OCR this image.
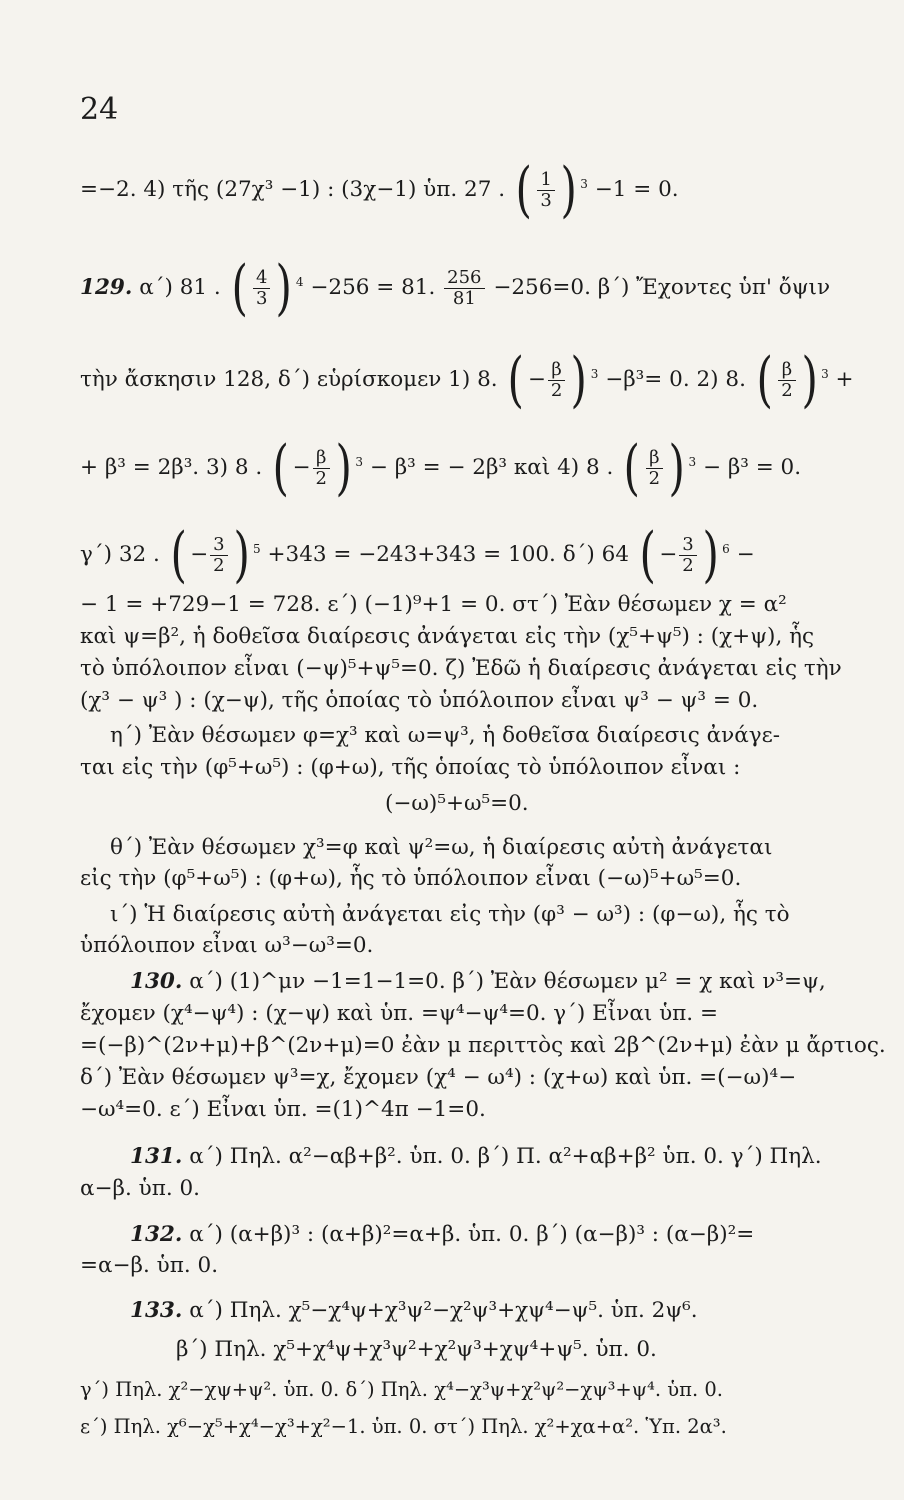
24
=−2. 4) τῆς (27χ³ −1) : (3χ−1) ὑπ. 27 . ( $\frac{1}{3}$ ) $^3$ −1 = 0.
129. α΄) 81 . ( $\frac{4}{3}$ ) $^4$ −256 = 81. $\frac{256}{81} -256=0$. β΄) Ἔχοντες ὑπ' ὄψιν
τὴν ἄσκησιν 128, δ΄) εὑρίσκομεν 1) 8. ( − $\frac{\beta}{2}$ ) $^3$ −β³= 0. 2) 8. ( $\frac{\beta}{2}$ ) $^3$ +
+ β³ = 2β³. 3) 8 . ( − $\frac{\beta}{2}$ ) $^3$ − β³ = − 2β³ καὶ 4) 8 . ( $\frac{\beta}{2}$ ) $^3$ − β³ = 0.
γ΄) 32 . ( − $\frac{3}{2}$ ) $^5$ +343 = −243+343 = 100. δ΄) 64 ( − $\frac{3}{2}$ ) $^6$ −
− 1 = +729−1 = 728. ε΄) (−1)⁹+1 = 0. στ΄) Ἐὰν θέσωμεν χ = α²
καὶ ψ=β², ἡ δοθεῖσα διαίρεσις ἀνάγεται εἰς τὴν (χ⁵+ψ⁵) : (χ+ψ), ἧς
τὸ ὑπόλοιπον εἶναι (−ψ)⁵+ψ⁵=0. ζ) Ἐδῶ ἡ διαίρεσις ἀνάγεται εἰς τὴν
(χ³ − ψ³ ) : (χ−ψ), τῆς ὁποίας τὸ ὑπόλοιπον εἶναι ψ³ − ψ³ = 0.
η΄) Ἐὰν θέσωμεν φ=χ³ καὶ ω=ψ³, ἡ δοθεῖσα διαίρεσις ἀνάγε-
ται εἰς τὴν (φ⁵+ω⁵) : (φ+ω), τῆς ὁποίας τὸ ὑπόλοιπον εἶναι :
(−ω)⁵+ω⁵=0.
θ΄) Ἐὰν θέσωμεν χ³=φ καὶ ψ²=ω, ἡ διαίρεσις αὐτὴ ἀνάγεται
εἰς τὴν (φ⁵+ω⁵) : (φ+ω), ἧς τὸ ὑπόλοιπον εἶναι (−ω)⁵+ω⁵=0.
ι΄) Ἡ διαίρεσις αὐτὴ ἀνάγεται εἰς τὴν (φ³ − ω³) : (φ−ω), ἧς τὸ
ὑπόλοιπον εἶναι ω³−ω³=0.
130. α΄) (1)^μν −1=1−1=0. β΄) Ἐὰν θέσωμεν μ² = χ καὶ ν³=ψ,
ἔχομεν (χ⁴−ψ⁴) : (χ−ψ) καὶ ὑπ. =ψ⁴−ψ⁴=0. γ΄) Εἶναι ὑπ. =
=(−β)^(2ν+μ)+β^(2ν+μ)=0 ἐὰν μ περιττὸς καὶ 2β^(2ν+μ) ἐὰν μ ἄρτιος.
δ΄) Ἐὰν θέσωμεν ψ³=χ, ἔχομεν (χ⁴ − ω⁴) : (χ+ω) καὶ ὑπ. =(−ω)⁴−
−ω⁴=0. ε΄) Εἶναι ὑπ. =(1)^4π −1=0.
131. α΄) Πηλ. α²−αβ+β². ὑπ. 0. β΄) Π. α²+αβ+β² ὑπ. 0. γ΄) Πηλ.
α−β. ὑπ. 0.
132. α΄) (α+β)³ : (α+β)²=α+β. ὑπ. 0. β΄) (α−β)³ : (α−β)²=
=α−β. ὑπ. 0.
133. α΄) Πηλ. χ⁵−χ⁴ψ+χ³ψ²−χ²ψ³+χψ⁴−ψ⁵. ὑπ. 2ψ⁶.
β΄) Πηλ. χ⁵+χ⁴ψ+χ³ψ²+χ²ψ³+χψ⁴+ψ⁵. ὑπ. 0.
γ΄) Πηλ. χ²−χψ+ψ². ὑπ. 0. δ΄) Πηλ. χ⁴−χ³ψ+χ²ψ²−χψ³+ψ⁴. ὑπ. 0.
ε΄) Πηλ. χ⁶−χ⁵+χ⁴−χ³+χ²−1. ὑπ. 0. στ΄) Πηλ. χ²+χα+α². Ὑπ. 2α³.
